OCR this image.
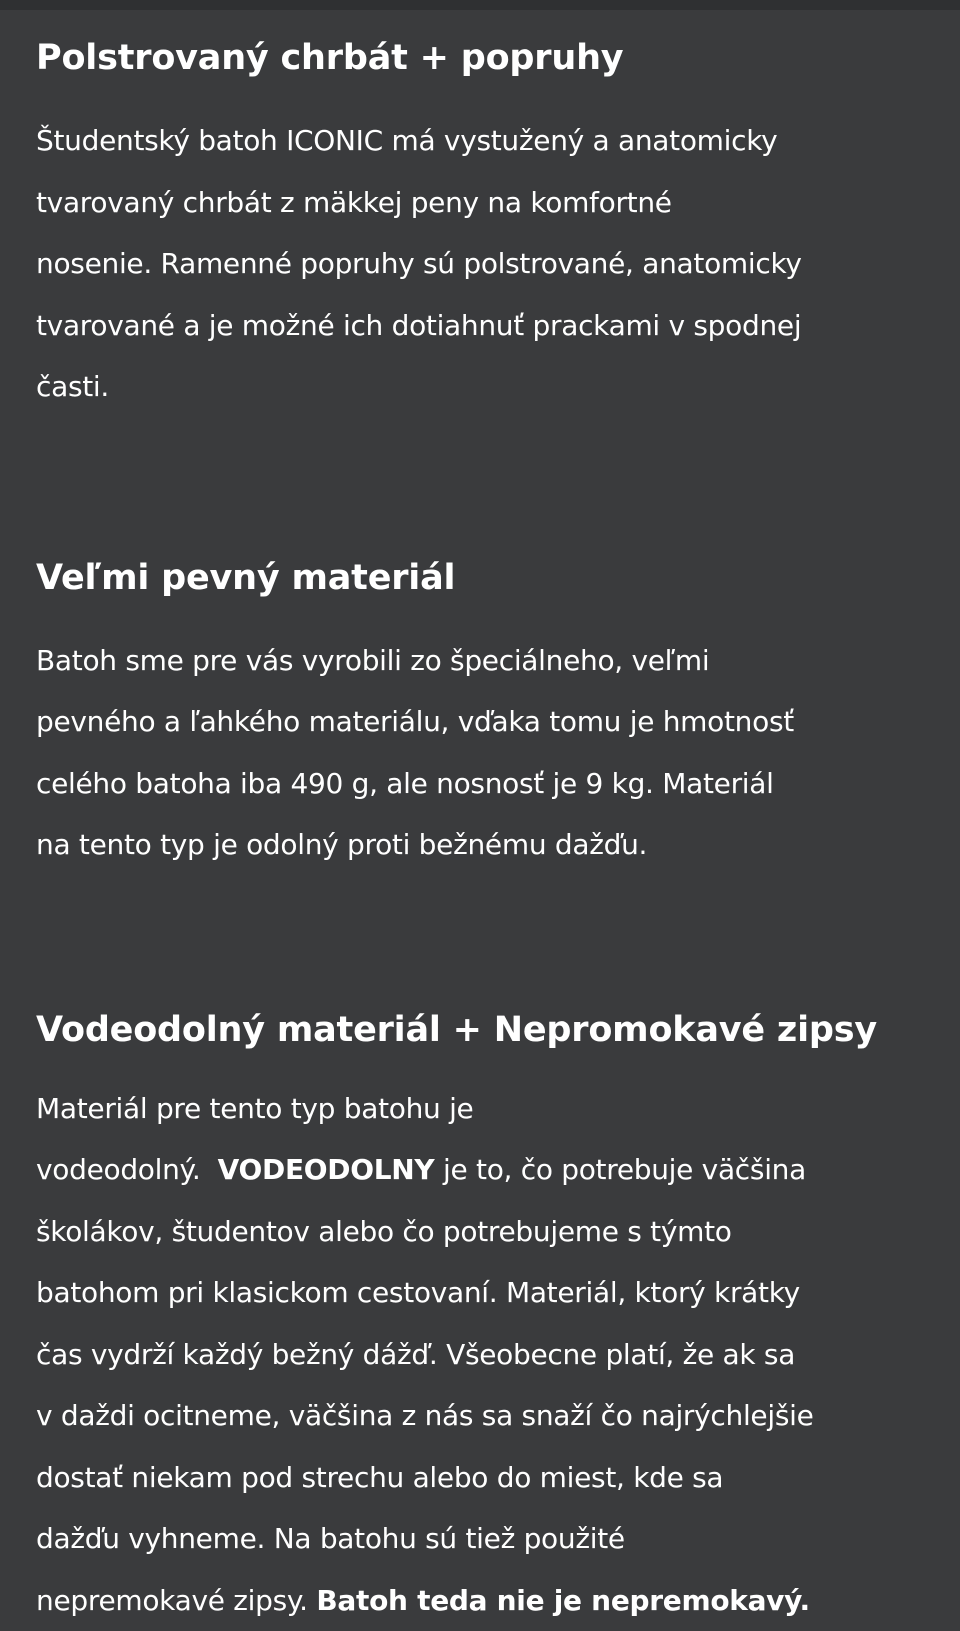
Polstrovaný chrbát + popruhy

Študentský batoh ICONIC má vystužený a anatomicky
tvarovaný chrbát z mäkkej peny na komfortné
nosenie. Ramenné popruhy sú polstrované, anatomicky
tvarované a je možné ich dotiahnuť prackami v spodnej
časti.

Veľmi pevný materiál

Batoh sme pre vás vyrobili zo špeciálneho, veľmi
pevného a ľahkého materiálu, vďaka tomu je hmotnosť
celého batoha iba 490 g, ale nosnosť je 9 kg. Materiál
na tento typ je odolný proti bežnému dažďu.

Vodeodolný materiál + Nepromokavé zipsy

Materiál pre tento typ batohu je
vodeodolný.  VODEODOLNY je to, čo potrebuje väčšina
školákov, študentov alebo čo potrebujeme s týmto
batohom pri klasickom cestovaní. Materiál, ktorý krátky
čas vydrží každý bežný dážď. Všeobecne platí, že ak sa
v daždi ocitneme, väčšina z nás sa snaží čo najrýchlejšie
dostať niekam pod strechu alebo do miest, kde sa
dažďu vyhneme. Na batohu sú tiež použité
nepremokavé zipsy. Batoh teda nie je nepremokavý.
